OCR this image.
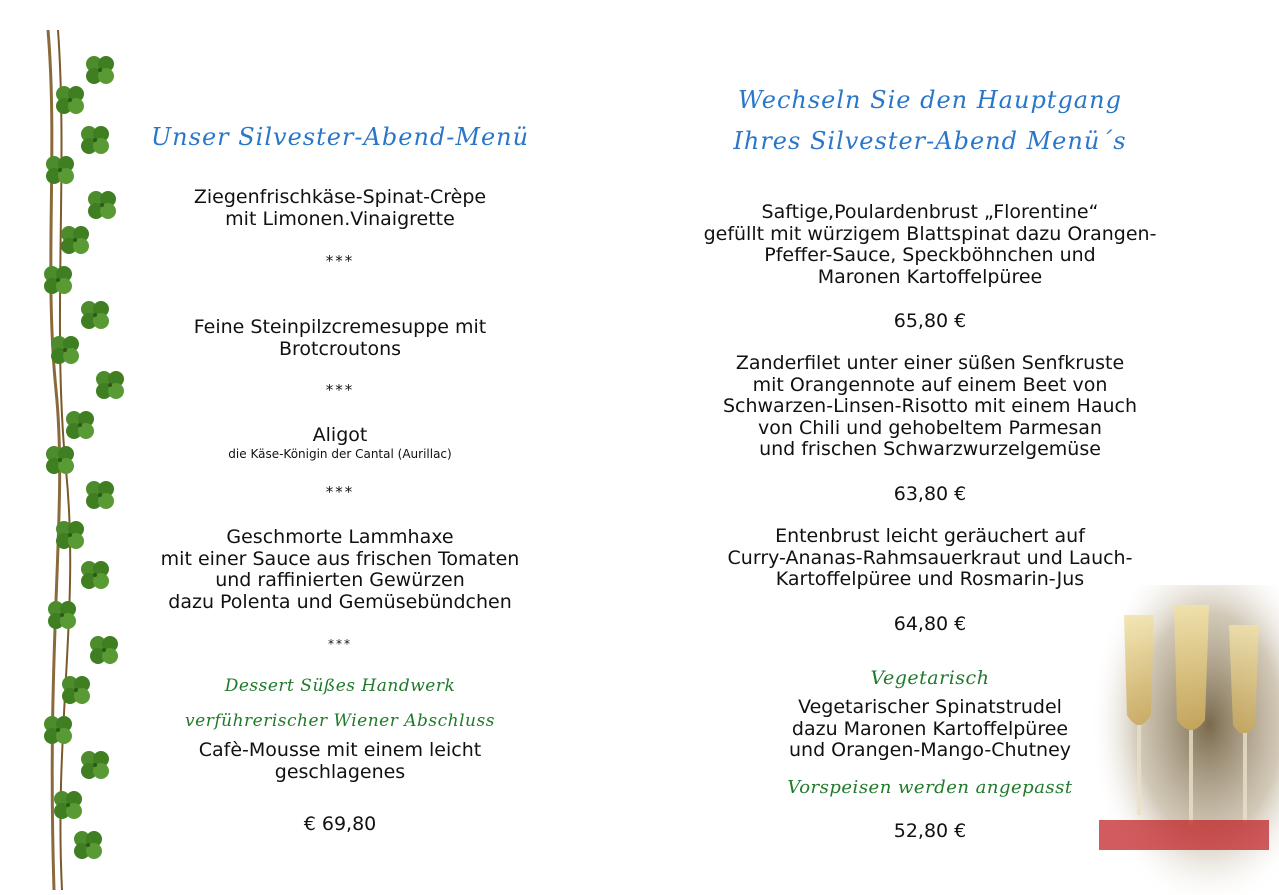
Unser Silvester-Abend-Menü
Ziegenfrischkäse-Spinat-Crèpe
mit Limonen.Vinaigrette
***
Feine Steinpilzcremesuppe mit
Brotcroutons
***
Aligot
die Käse-Königin der Cantal (Aurillac)
***
Geschmorte Lammhaxe
mit einer Sauce aus frischen Tomaten
und raffinierten Gewürzen
dazu Polenta und Gemüsebündchen
***
Dessert Süßes Handwerk
verführerischer Wiener Abschluss
Cafè-Mousse mit einem leicht
geschlagenes
€ 69,80
Wechseln Sie den Hauptgang
Ihres Silvester-Abend Menü´s
Saftige,Poulardenbrust „Florentine“
gefüllt mit würzigem Blattspinat dazu Orangen-
Pfeffer-Sauce, Speckböhnchen und
Maronen Kartoffelpüree
65,80 €
Zanderfilet unter einer süßen Senfkruste
mit Orangennote auf einem Beet von
Schwarzen-Linsen-Risotto mit einem Hauch
von Chili und gehobeltem Parmesan
und frischen Schwarzwurzelgemüse
63,80 €
Entenbrust leicht geräuchert auf
Curry-Ananas-Rahmsauerkraut und Lauch-
Kartoffelpüree und Rosmarin-Jus
64,80 €
Vegetarisch
Vegetarischer Spinatstrudel
dazu Maronen Kartoffelpüree
und Orangen-Mango-Chutney
Vorspeisen werden angepasst
52,80 €
